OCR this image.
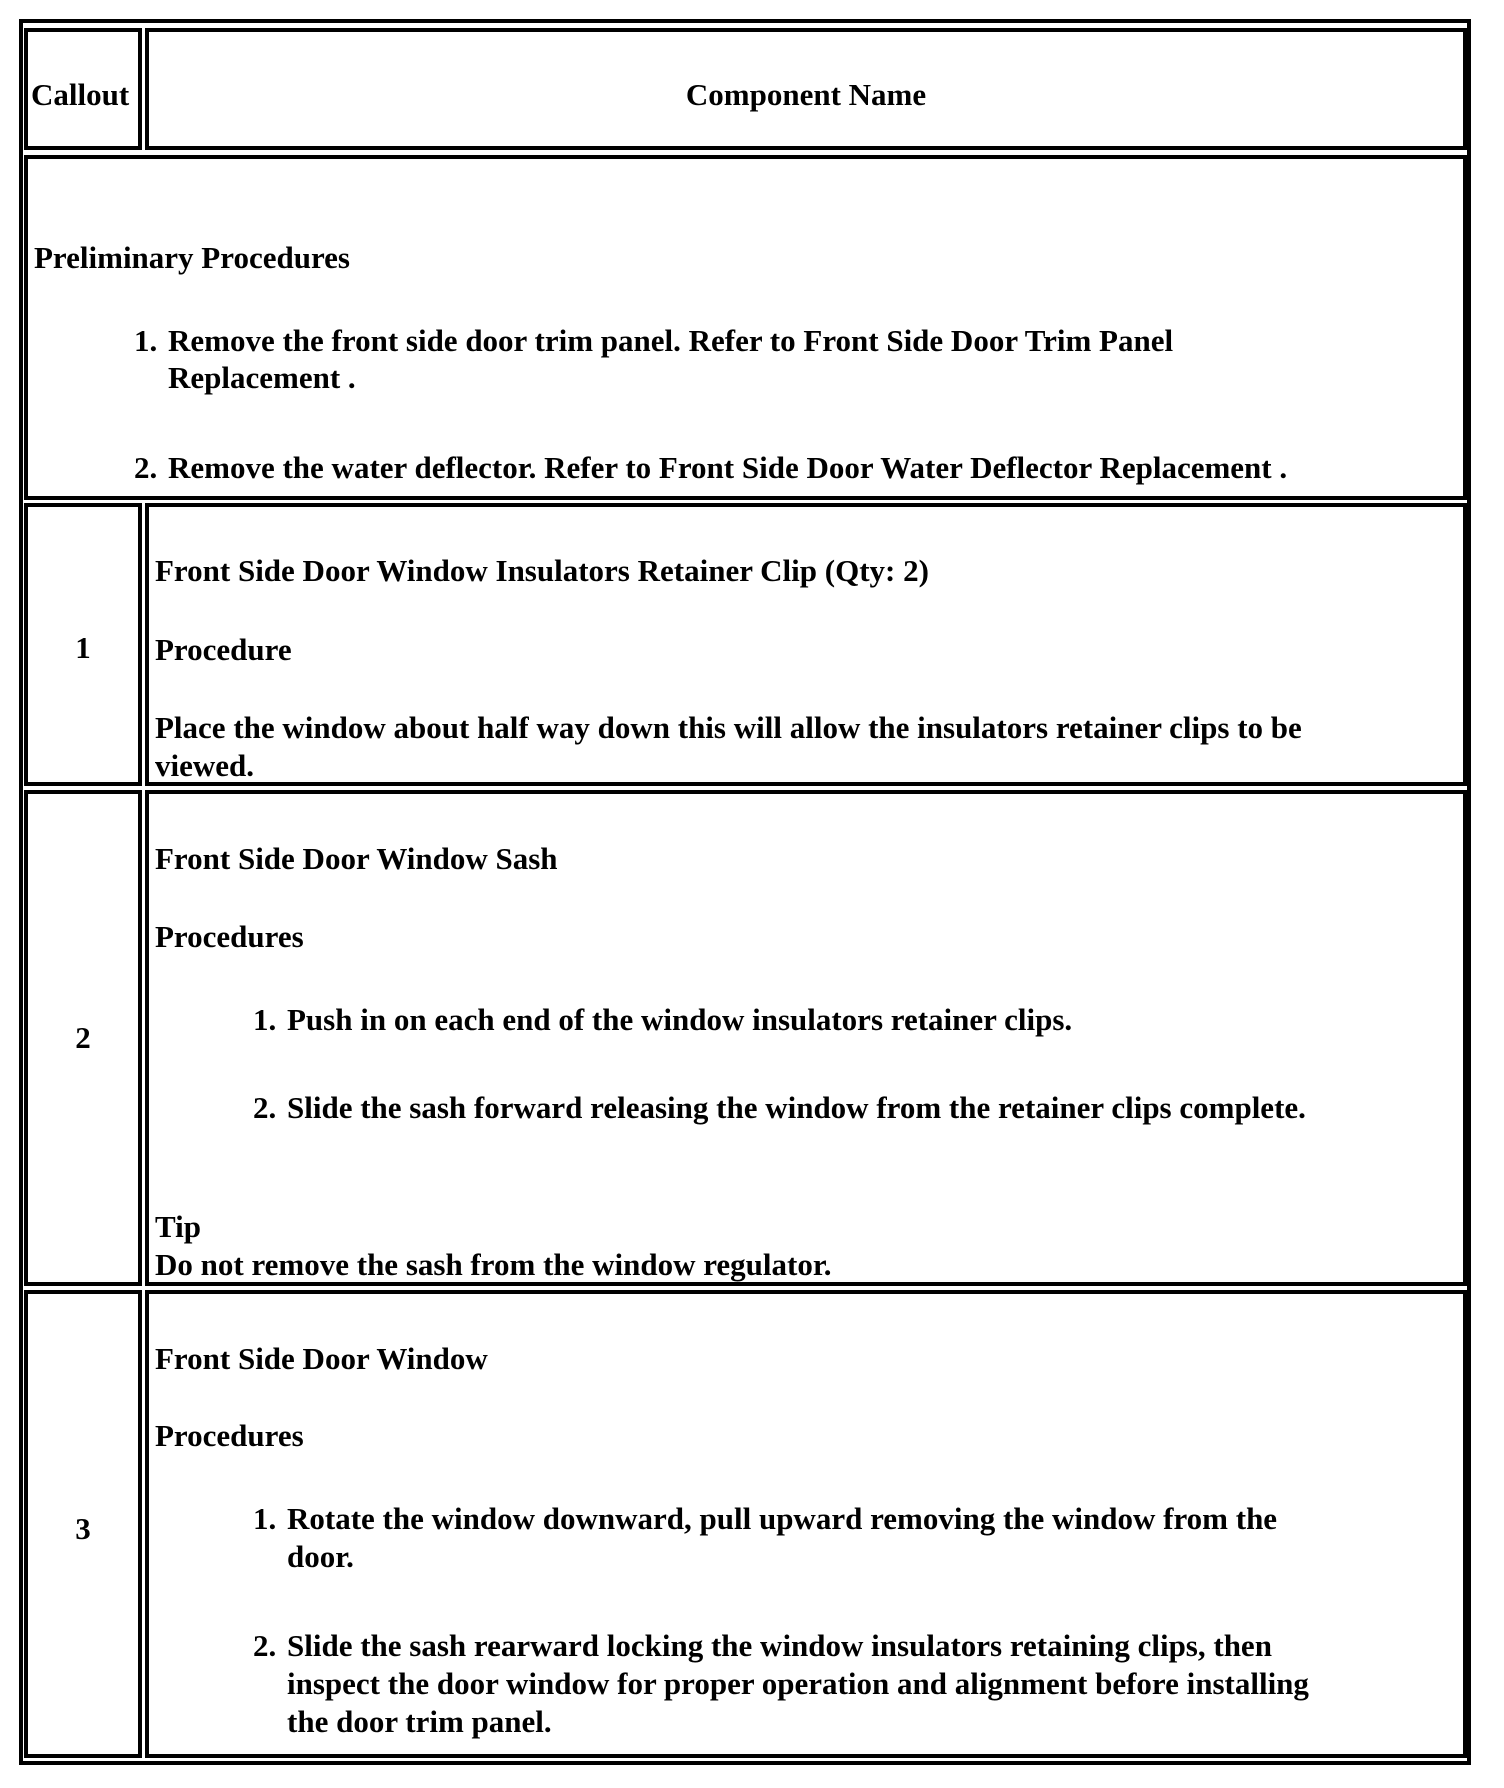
Callout	Component Name

Preliminary Procedures

1. Remove the front side door trim panel. Refer to Front Side Door Trim Panel
Replacement .
2. Remove the water deflector. Refer to Front Side Door Water Deflector Replacement .
1

Front Side Door Window Insulators Retainer Clip (Qty: 2)

Procedure

Place the window about half way down this will allow the insulators retainer clips to be

viewed.

2

Front Side Door Window Sash

Procedures

1. Push in on each end of the window insulators retainer clips.
2. Slide the sash forward releasing the window from the retainer clips complete.

Tip

Do not remove the sash from the window regulator.

3

Front Side Door Window

Procedures

1. Rotate the window downward, pull upward removing the window from the
door.
2. Slide the sash rearward locking the window insulators retaining clips, then
inspect the door window for proper operation and alignment before installing
the door trim panel.
